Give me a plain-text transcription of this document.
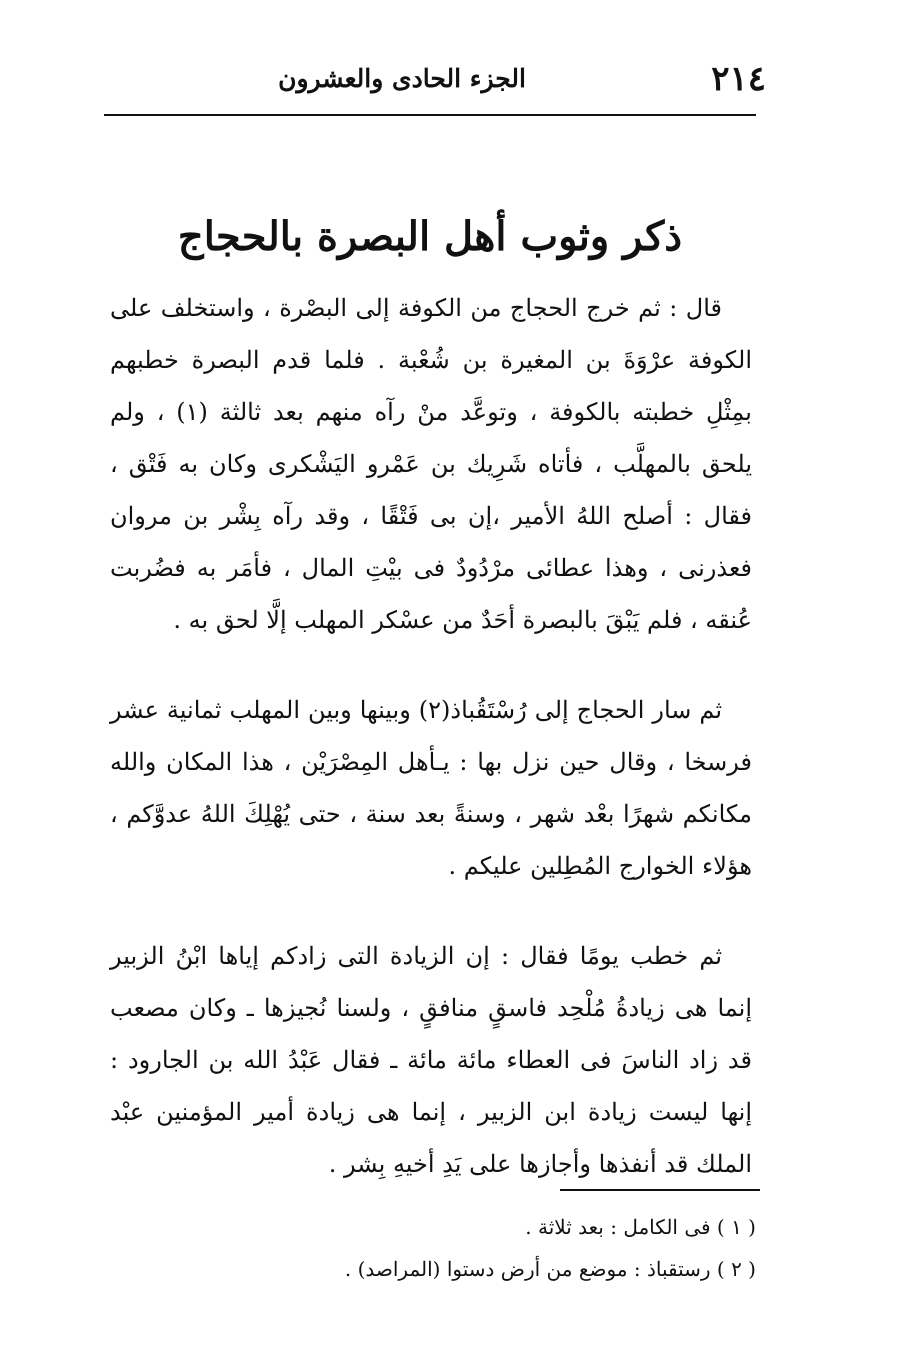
٢١٤
الجزء الحادى والعشرون
ذكر وثوب أهل البصرة بالحجاج

قال : ثم خرج الحجاج من الكوفة إلى البصْرة ، واستخلف على الكوفة عرْوَةَ بن المغيرة بن شُعْبة . فلما قدم البصرة خطبهم بمِثْلِ خطبته بالكوفة ، وتوعَّد منْ رآه منهم بعد ثالثة (١) ، ولم يلحق بالمهلَّب ، فأتاه شَرِيك بن عَمْرو اليَشْكرى وكان به فَتْق ، فقال : أصلح اللهُ الأمير ،إن بى فَتْقًا ، وقد رآه بِشْر بن مروان فعذرنى ، وهذا عطائى مرْدُودٌ فى بيْتِ المال ، فأمَر به فضُربت عُنقه ، فلم يَبْقَ بالبصرة أحَدٌ من عسْكر المهلب إلَّا لحق به .

ثم سار الحجاج إلى رُسْتَقُباذ(٢) وبينها وبين المهلب ثمانية عشر فرسخا ، وقال حين نزل بها : يـأهل المِصْرَيْن ، هذا المكان والله مكانكم شهرًا بعْد شهر ، وسنةً بعد سنة ، حتى يُهْلِكَ اللهُ عدوَّكم ، هؤلاء الخوارج المُطِلين عليكم .

ثم خطب يومًا فقال : إن الزيادة التى زادكم إياها ابْنُ الزبير إنما هى زيادةُ مُلْحِد فاسقٍ منافقٍ ، ولسنا نُجيزها ـ وكان مصعب قد زاد الناسَ فى العطاء مائة مائة ـ فقال عَبْدُ الله بن الجارود : إنها ليست زيادة ابن الزبير ، إنما هى زيادة أمير المؤمنين عبْد الملك قد أنفذها وأجازها على يَدِ أخيهِ بِشر .

( ١ ) فى الكامل : بعد ثلاثة .
( ٢ ) رستقباذ : موضع من أرض دستوا (المراصد) .
